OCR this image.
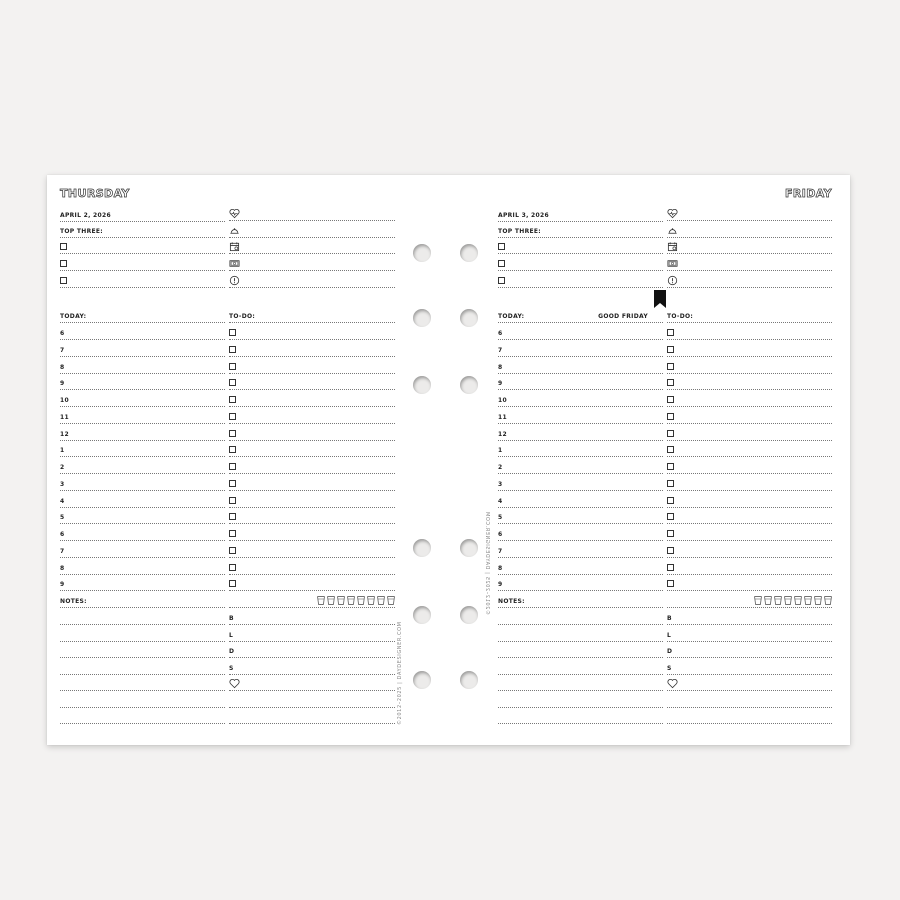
THURSDAY
APRIL 2, 2026
TOP THREE:
TODAY:	TO-DO:
6
7
8
9
10
11
12
1
2
3
4
5
6
7
8
9
NOTES:
B
L
D
S
FRIDAY
APRIL 3, 2026
TOP THREE:
TODAY:	GOOD FRIDAY	TO-DO:
6
7
8
9
10
11
12
1
2
3
4
5
6
7
8
9
NOTES:
B
L
D
S
©2012–2025 | DAYDESIGNER.COM
©2012–2025 | DAYDESIGNER.COM
